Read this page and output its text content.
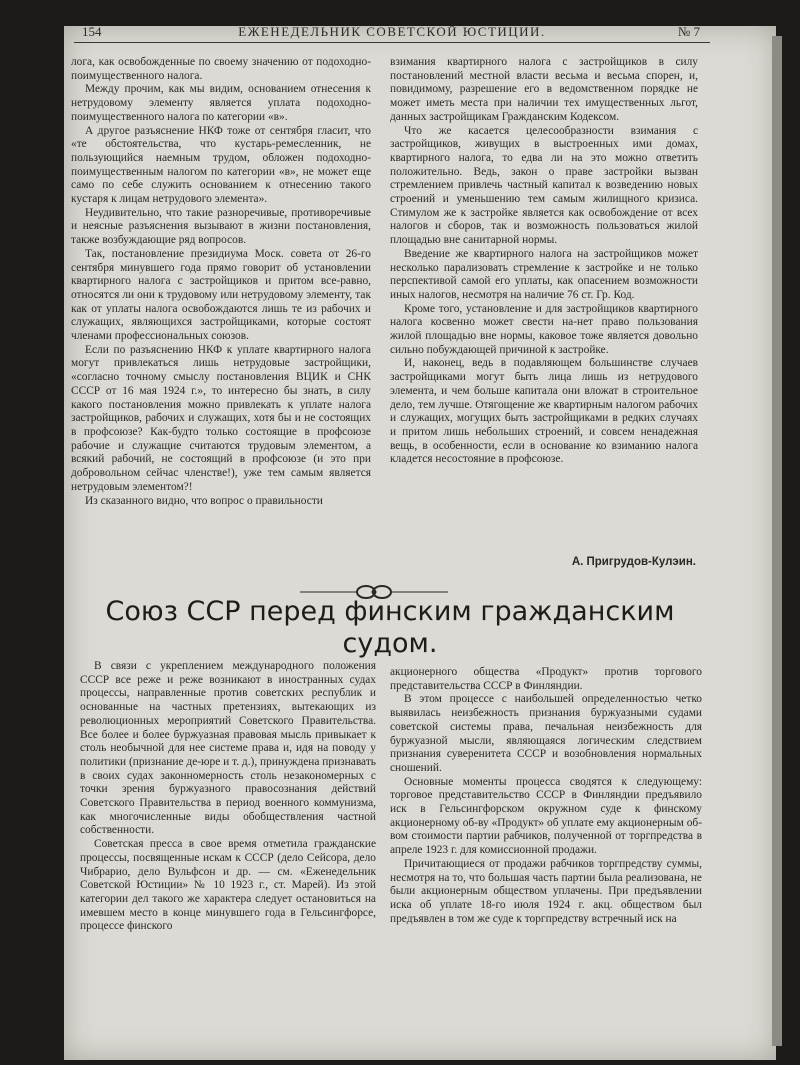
154	ЕЖЕНЕДЕЛЬНИК СОВЕТСКОЙ ЮСТИЦИИ.	№ 7

лога, как освобожденные по своему значению от подоходно-поимущественного налога.

Между прочим, как мы видим, основанием отнесения к нетрудовому элементу является уплата подоходно-поимущественного налога по категории «в».

А другое разъяснение НКФ тоже от сентября гласит, что «те обстоятельства, что кустарь-ремесленник, не пользующийся наемным трудом, обложен подоходно-поимущественным налогом по категории «в», не может еще само по себе служить основанием к отнесению такого кустаря к лицам нетрудового элемента».

Неудивительно, что такие разноречивые, противоречивые и неясные разъяснения вызывают в жизни постановления, также возбуждающие ряд вопросов.

Так, постановление президиума Моск. совета от 26-го сентября минувшего года прямо говорит об установлении квартирного налога с застройщиков и притом все-равно, относятся ли они к трудовому или нетрудовому элементу, так как от уплаты налога освобождаются лишь те из рабочих и служащих, являющихся застройщиками, которые состоят членами профессиональных союзов.

Если по разъяснению НКФ к уплате квартирного налога могут привлекаться лишь нетрудовые застройщики, «согласно точному смыслу постановления ВЦИК и СНК СССР от 16 мая 1924 г.», то интересно бы знать, в силу какого постановления можно привлекать к уплате налога застройщиков, рабочих и служащих, хотя бы и не состоящих в профсоюзе? Как-будто только состоящие в профсоюзе рабочие и служащие считаются трудовым элементом, а всякий рабочий, не состоящий в профсоюзе (и это при добровольном сейчас членстве!), уже тем самым является нетрудовым элементом?!

Из сказанного видно, что вопрос о правильности

взимания квартирного налога с застройщиков в силу постановлений местной власти весьма и весьма спорен, и, повидимому, разрешение его в ведомственном порядке не может иметь места при наличии тех имущественных льгот, данных застройщикам Гражданским Кодексом.

Что же касается целесообразности взимания с застройщиков, живущих в выстроенных ими домах, квартирного налога, то едва ли на это можно ответить положительно. Ведь, закон о праве застройки вызван стремлением привлечь частный капитал к возведению новых строений и уменьшению тем самым жилищного кризиса. Стимулом же к застройке является как освобождение от всех налогов и сборов, так и возможность пользоваться жилой площадью вне санитарной нормы.

Введение же квартирного налога на застройщиков может несколько парализовать стремление к застройке и не только перспективой самой его уплаты, как опасением возможности иных налогов, несмотря на наличие 76 ст. Гр. Код.

Кроме того, установление и для застройщиков квартирного налога косвенно может свести на-нет право пользования жилой площадью вне нормы, каковое тоже является довольно сильно побуждающей причиной к застройке.

И, наконец, ведь в подавляющем большинстве случаев застройщиками могут быть лица лишь из нетрудового элемента, и чем больше капитала они вложат в строительное дело, тем лучше. Отягощение же квартирным налогом рабочих и служащих, могущих быть застройщиками в редких случаях и притом лишь небольших строений, и совсем ненадежная вещь, в особенности, если в основание ко взиманию налога кладется несостояние в профсоюзе.

А. Пригрудов-Кулэин.
Союз ССР перед финским гражданским судом.

В связи с укреплением международного положения СССР все реже и реже возникают в иностранных судах процессы, направленные против советских республик и основанные на частных претензиях, вытекающих из революционных мероприятий Советского Правительства. Все более и более буржуазная правовая мысль привыкает к столь необычной для нее системе права и, идя на поводу у политики (признание де-юре и т. д.), принуждена признавать в своих судах законномерность столь незакономерных с точки зрения буржуазного правосознания действий Советского Правительства в период военного коммунизма, как многочисленные виды обобществления частной собственности.

Советская пресса в свое время отметила гражданские процессы, посвященные искам к СССР (дело Сейсора, дело Чибрарио, дело Вульфсон и др. — см. «Еженедельник Советской Юстиции» № 10 1923 г., ст. Марей). Из этой категории дел такого же характера следует остановиться на имевшем место в конце минувшего года в Гельсингфорсе, процессе финского

акционерного общества «Продукт» против торгового представительства СССР в Финляндии.

В этом процессе с наибольшей определенностью четко выявилась неизбежность признания буржуазными судами советской системы права, печальная неизбежность для буржуазной мысли, являющаяся логическим следствием признания суверенитета СССР и возобновления нормальных сношений.

Основные моменты процесса сводятся к следующему: торговое представительство СССР в Финляндии предъявило иск в Гельсингфорском окружном суде к финскому акционерному об-ву «Продукт» об уплате ему акционерным об-вом стоимости партии рабчиков, полученной от торгпредства в апреле 1923 г. для комиссионной продажи.

Причитающиеся от продажи рабчиков торгпредству суммы, несмотря на то, что большая часть партии была реализована, не были акционерным обществом уплачены. При предъявлении иска об уплате 18-го июля 1924 г. акц. обществом был предъявлен в том же суде к торгпредству встречный иск на
